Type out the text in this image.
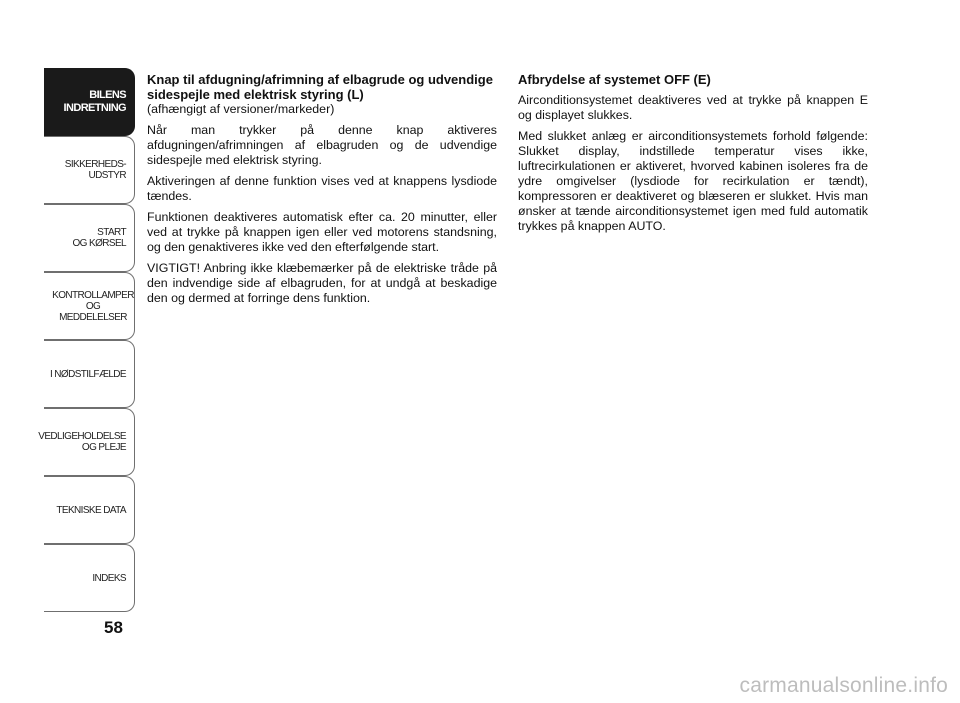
BILENS
INDRETNING
SIKKERHEDS-
UDSTYR
START
OG KØRSEL
KONTROLLAMPER
OG MEDDELELSER
I NØDSTILFÆLDE
VEDLIGEHOLDELSE
OG PLEJE
TEKNISKE DATA
INDEKS
58

Knap til afdugning/afrimning af elbagrude og udvendige sidespejle med elektrisk styring (L)

(afhængigt af versioner/markeder)

Når man trykker på denne knap aktiveres afdugningen/afrimningen af elbagruden og de udvendige sidespejle med elektrisk styring.

Aktiveringen af denne funktion vises ved at knappens lysdiode tændes.

Funktionen deaktiveres automatisk efter ca. 20 minutter, eller ved at trykke på knappen igen eller ved motorens standsning, og den genaktiveres ikke ved den efterfølgende start.

VIGTIGT! Anbring ikke klæbemærker på de elektriske tråde på den indvendige side af elbagruden, for at undgå at beskadige den og dermed at forringe dens funktion.

Afbrydelse af systemet OFF (E)

Airconditionsystemet deaktiveres ved at trykke på knappen E og displayet slukkes.

Med slukket anlæg er airconditionsystemets forhold følgende: Slukket display, indstillede temperatur vises ikke, luftrecirkulationen er aktiveret, hvorved kabinen isoleres fra de ydre omgivelser (lysdiode for recirkulation er tændt), kompressoren er deaktiveret og blæseren er slukket. Hvis man ønsker at tænde airconditionsystemet igen med fuld automatik trykkes på knappen AUTO.

carmanualsonline.info
